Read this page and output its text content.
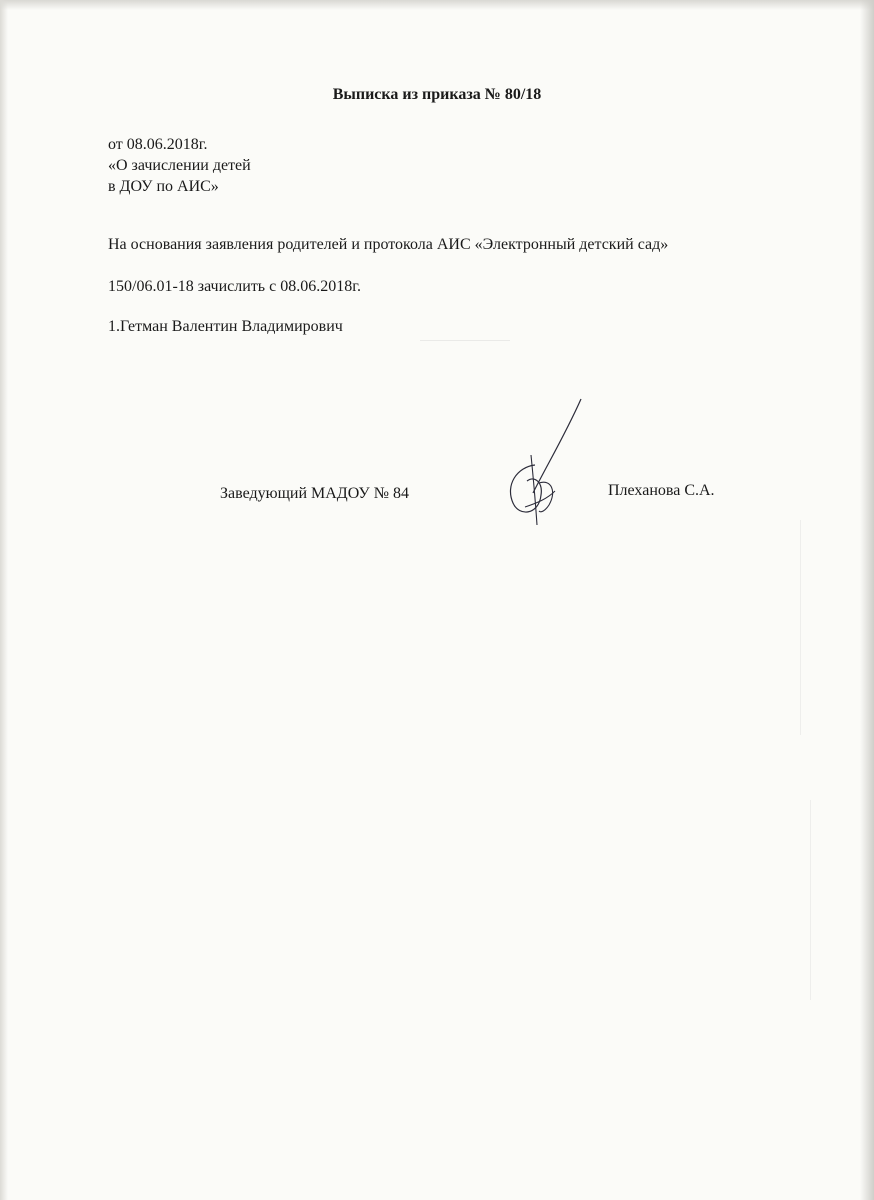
Выписка из приказа № 80/18
от 08.06.2018г.
«О зачислении детей
в ДОУ по АИС»
На основания заявления родителей и протокола АИС «Электронный детский сад»
150/06.01-18 зачислить с 08.06.2018г.
1.Гетман Валентин Владимирович
Заведующий МАДОУ № 84	Плеханова С.А.
